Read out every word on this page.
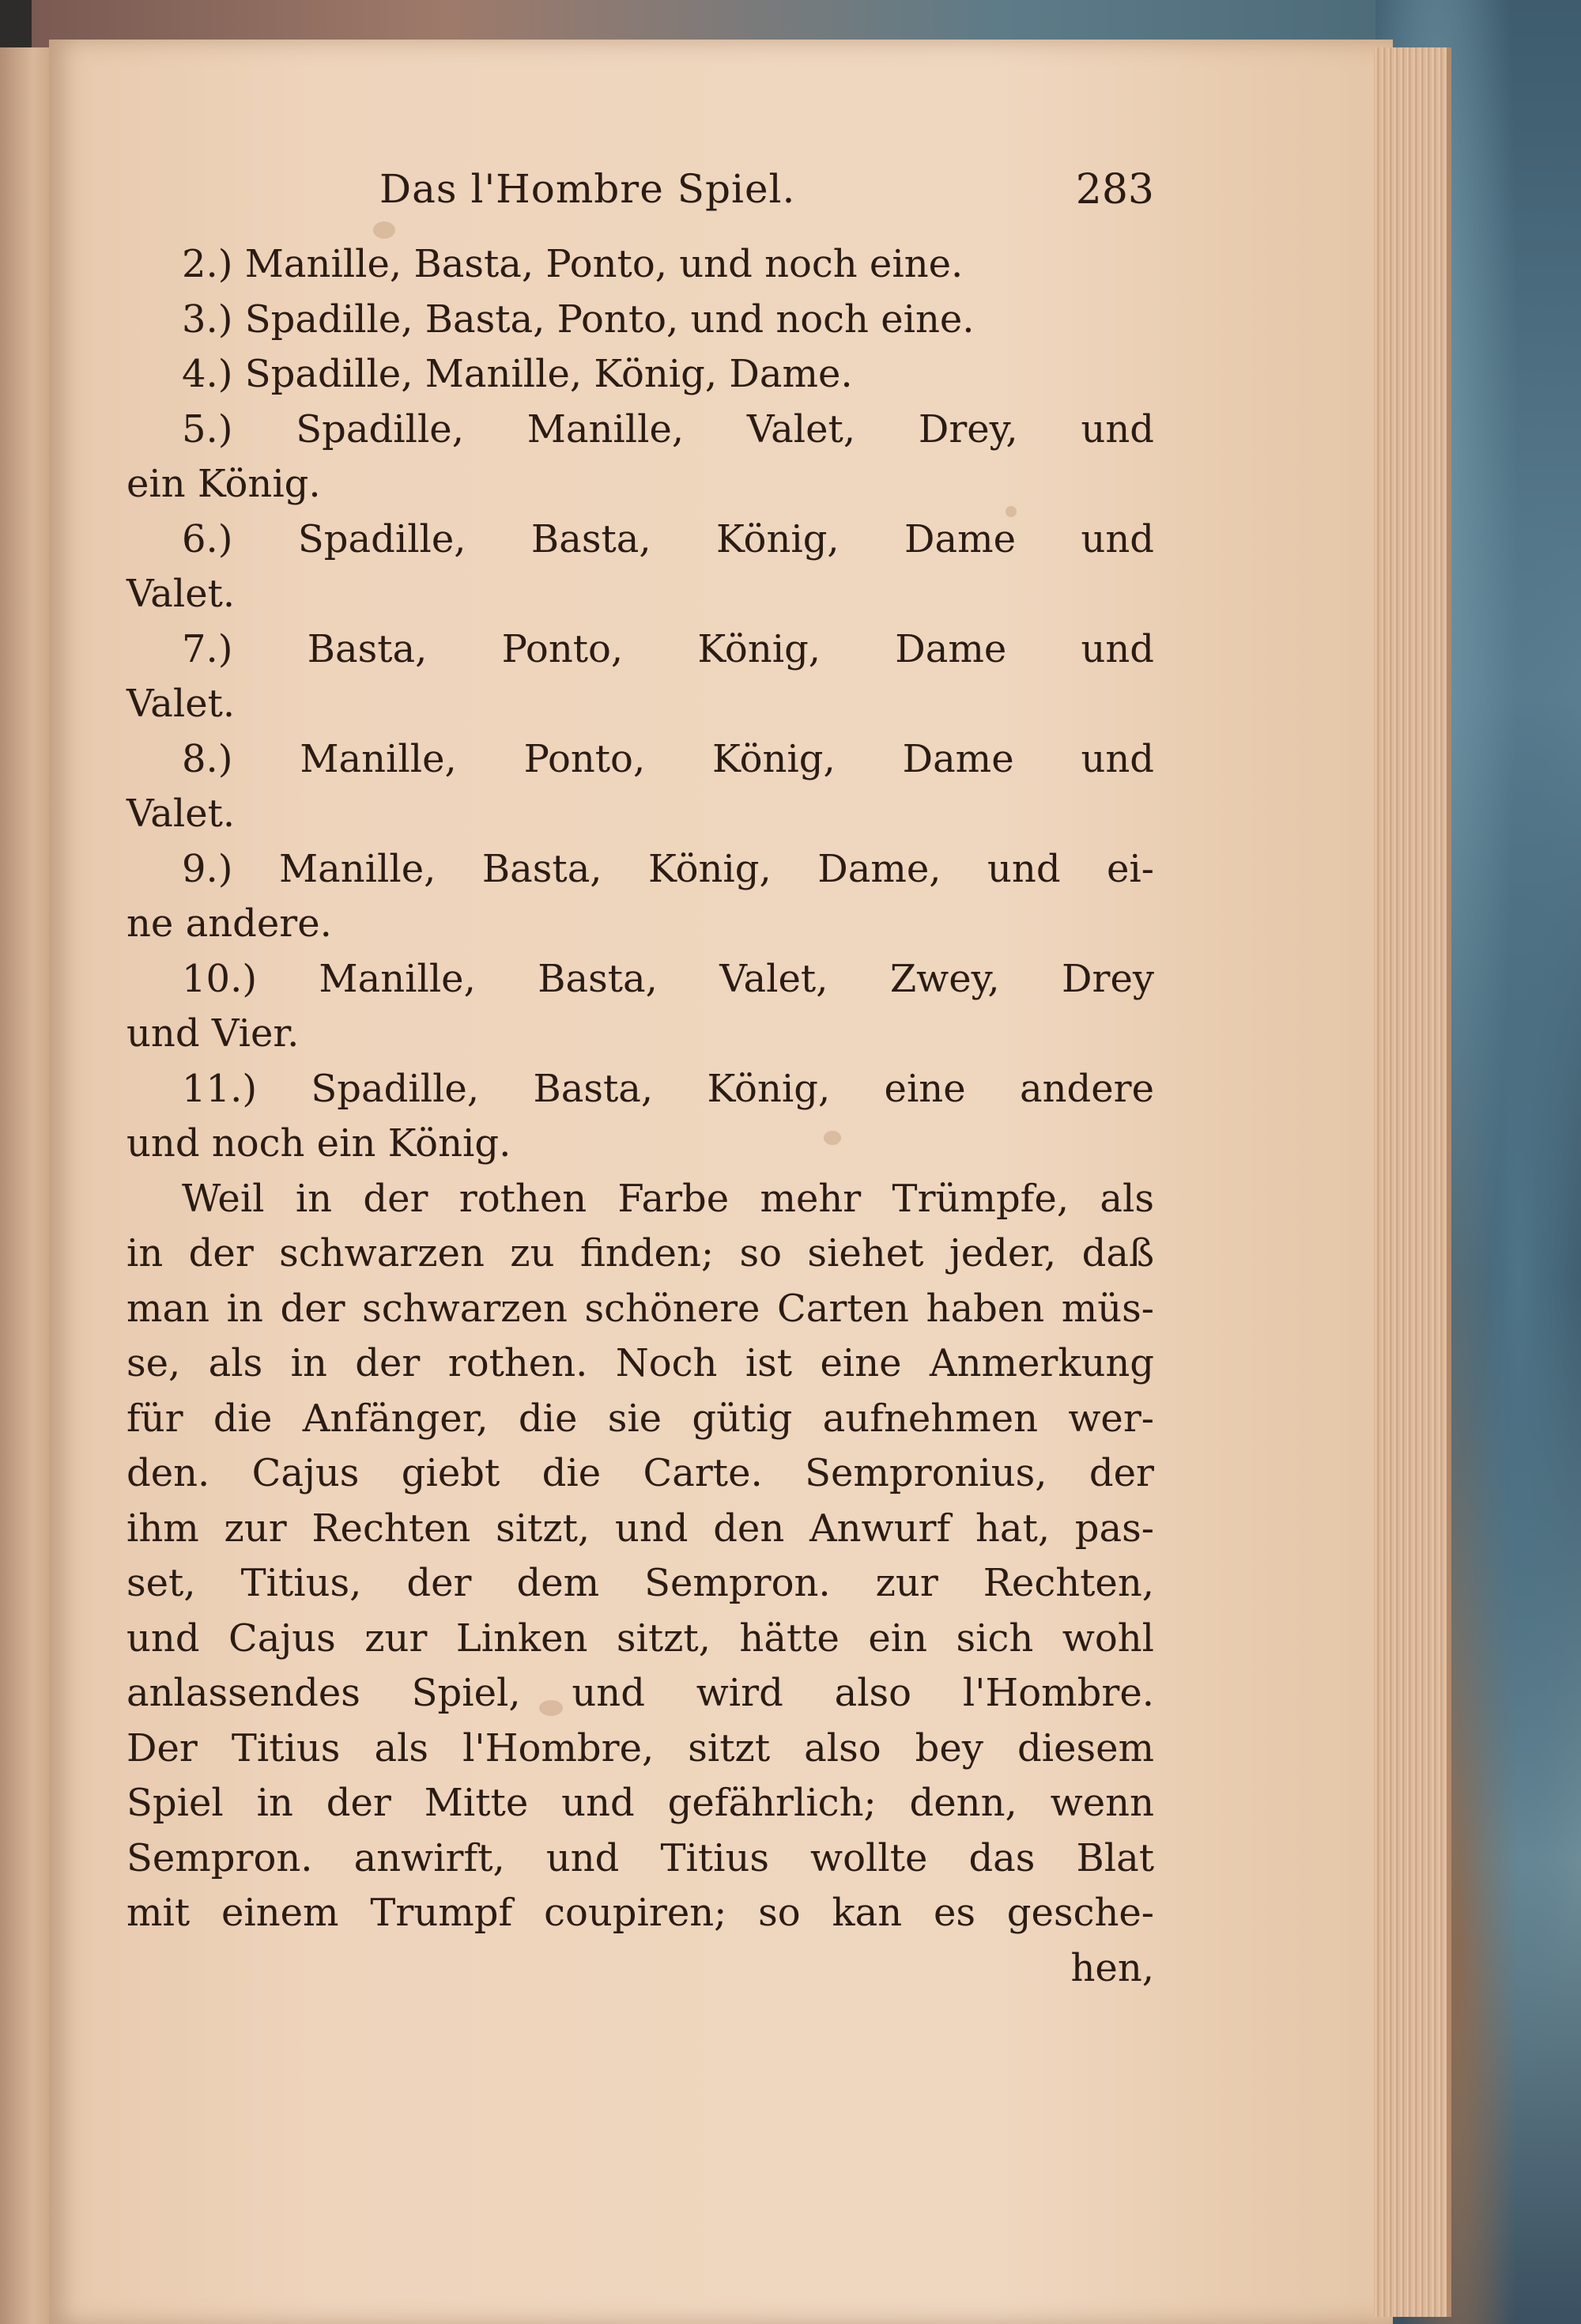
Das l'Hombre Spiel.	283
2.) Manille, Basta, Ponto, und noch eine.
3.) Spadille, Basta, Ponto, und noch eine.
4.) Spadille, Manille, König, Dame.
5.) Spadille, Manille, Valet, Drey, und
ein König.
6.) Spadille, Basta, König, Dame und
Valet.
7.) Basta, Ponto, König, Dame und
Valet.
8.) Manille, Ponto, König, Dame und
Valet.
9.) Manille, Basta, König, Dame, und ei-
ne andere.
10.) Manille, Basta, Valet, Zwey, Drey
und Vier.
11.) Spadille, Basta, König, eine andere
und noch ein König.
Weil in der rothen Farbe mehr Trümpfe, als
in der schwarzen zu finden; so siehet jeder, daß
man in der schwarzen schönere Carten haben müs-
se, als in der rothen. Noch ist eine Anmerkung
für die Anfänger, die sie gütig aufnehmen wer-
den. Cajus giebt die Carte. Sempronius, der
ihm zur Rechten sitzt, und den Anwurf hat, pas-
set, Titius, der dem Sempron. zur Rechten,
und Cajus zur Linken sitzt, hätte ein sich wohl
anlassendes Spiel, und wird also l'Hombre.
Der Titius als l'Hombre, sitzt also bey diesem
Spiel in der Mitte und gefährlich; denn, wenn
Sempron. anwirft, und Titius wollte das Blat
mit einem Trumpf coupiren; so kan es gesche-
hen,
